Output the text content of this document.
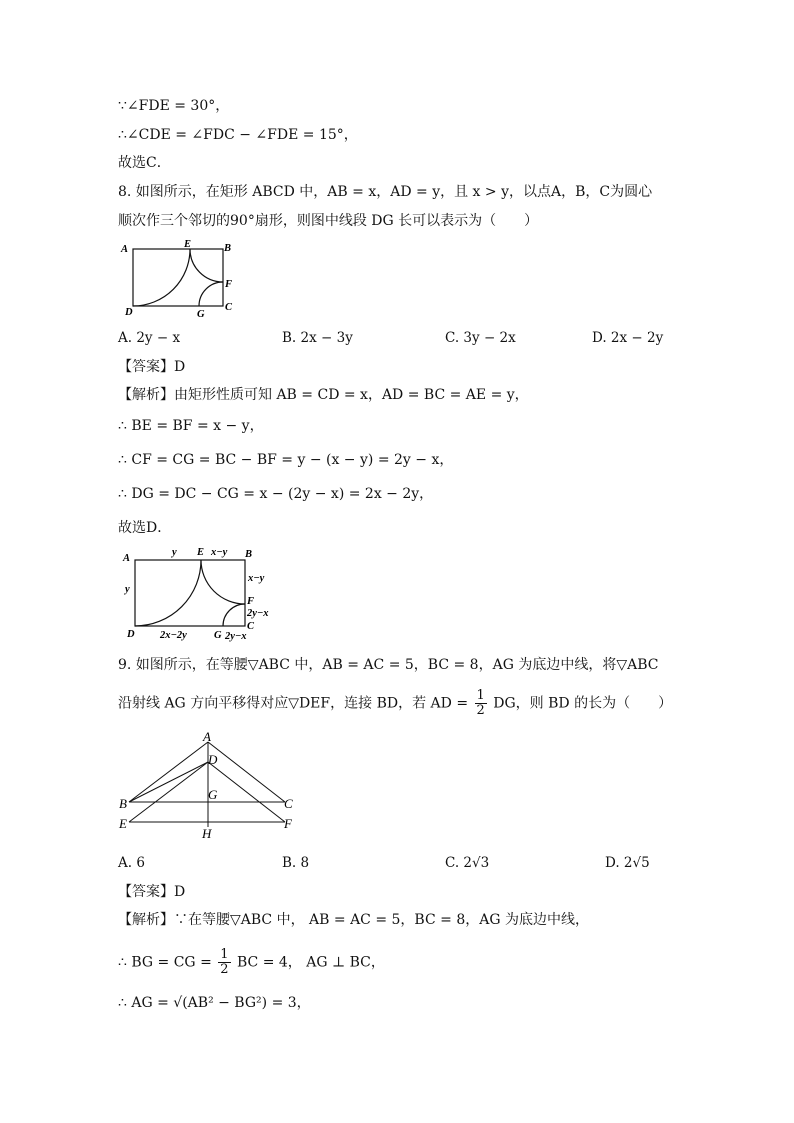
∵∠FDE = 30°，
∴∠CDE = ∠FDC − ∠FDE = 15°，
故选C．
8. 如图所示，在矩形 ABCD 中，AB = x，AD = y，且 x > y，以点A，B，C为圆心
顺次作三个邻切的90°扇形，则图中线段 DG 长可以表示为（　　）
A	E	B
F
C
D	G
A. 2y − x	B. 2x − 3y	C. 3y − 2x	D. 2x − 2y
【答案】D
【解析】由矩形性质可知 AB = CD = x，AD = BC = AE = y，
∴ BE = BF = x − y，
∴ CF = CG = BC − BF = y − (x − y) = 2y − x，
∴ DG = DC − CG = x − (2y − x) = 2x − 2y，
故选D．
A
y E x−y B
y
x−y
F
2y−x
C
D 2x−2y	G 2y−x
9. 如图所示，在等腰▽ABC 中，AB = AC = 5，BC = 8，AG 为底边中线，将▽ABC
沿射线 AG 方向平移得对应▽DEF，连接 BD，若 AD = $\frac{1}{2}$ DG，则 BD 的长为（　　）
A
D
G
B	C
E	F
H
A. 6	B. 8	C. 2√3	D. 2√5
【答案】D
【解析】∵在等腰▽ABC 中， AB = AC = 5，BC = 8，AG 为底边中线，
∴ BG = CG = $\frac{1}{2}$ BC = 4， AG ⊥ BC，
∴ AG = √(AB² − BG²) = 3，
